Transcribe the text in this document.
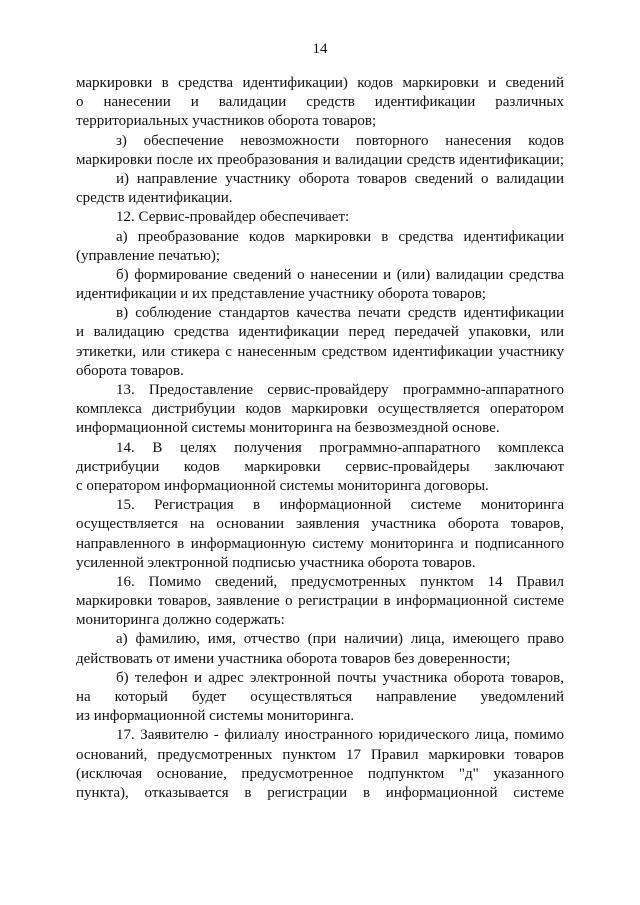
14
маркировки в средства идентификации) кодов маркировки и сведений
о нанесении и валидации средств идентификации различных
территориальных участников оборота товаров;
з) обеспечение невозможности повторного нанесения кодов
маркировки после их преобразования и валидации средств идентификации;
и) направление участнику оборота товаров сведений о валидации
средств идентификации.
12. Сервис-провайдер обеспечивает:
а) преобразование кодов маркировки в средства идентификации
(управление печатью);
б) формирование сведений о нанесении и (или) валидации средства
идентификации и их представление участнику оборота товаров;
в) соблюдение стандартов качества печати средств идентификации
и валидацию средства идентификации перед передачей упаковки, или
этикетки, или стикера с нанесенным средством идентификации участнику
оборота товаров.
13. Предоставление сервис-провайдеру программно-аппаратного
комплекса дистрибуции кодов маркировки осуществляется оператором
информационной системы мониторинга на безвозмездной основе.
14. В целях получения программно-аппаратного комплекса
дистрибуции кодов маркировки сервис-провайдеры заключают
с оператором информационной системы мониторинга договоры.
15. Регистрация в информационной системе мониторинга
осуществляется на основании заявления участника оборота товаров,
направленного в информационную систему мониторинга и подписанного
усиленной электронной подписью участника оборота товаров.
16. Помимо сведений, предусмотренных пунктом 14 Правил
маркировки товаров, заявление о регистрации в информационной системе
мониторинга должно содержать:
а) фамилию, имя, отчество (при наличии) лица, имеющего право
действовать от имени участника оборота товаров без доверенности;
б) телефон и адрес электронной почты участника оборота товаров,
на который будет осуществляться направление уведомлений
из информационной системы мониторинга.
17. Заявителю - филиалу иностранного юридического лица, помимо
оснований, предусмотренных пунктом 17 Правил маркировки товаров
(исключая основание, предусмотренное подпунктом "д" указанного
пункта), отказывается в регистрации в информационной системе
